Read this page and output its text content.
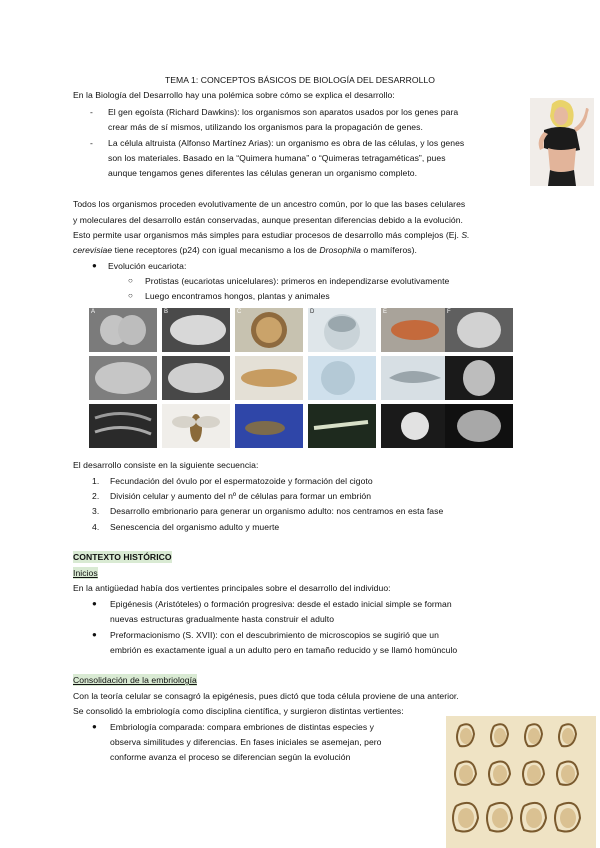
TEMA 1: CONCEPTOS BÁSICOS DE BIOLOGÍA DEL DESARROLLO
En la Biología del Desarrollo hay una polémica sobre cómo se explica el desarrollo:
- El gen egoísta (Richard Dawkins): los organismos son aparatos usados por los genes para
crear más de sí mismos, utilizando los organismos para la propagación de genes.
- La célula altruista (Alfonso Martínez Arias): un organismo es obra de las células, y los genes
son los materiales. Basado en la “Quimera humana” o “Quimeras tetragaméticas”, pues
aunque tengamos genes diferentes las células generan un organismo completo.
Todos los organismos proceden evolutivamente de un ancestro común, por lo que las bases celulares
y moleculares del desarrollo están conservadas, aunque presentan diferencias debido a la evolución.
Esto permite usar organismos más simples para estudiar procesos de desarrollo más complejos (Ej. S.
cerevisiae tiene receptores (p24) con igual mecanismo a los de Drosophila o mamíferos).
● Evolución eucariota:
○ Protistas (eucariotas unicelulares): primeros en independizarse evolutivamente
○ Luego encontramos hongos, plantas y animales
A	B	C	D	E	F
El desarrollo consiste en la siguiente secuencia:
1. Fecundación del óvulo por el espermatozoide y formación del cigoto
2. División celular y aumento del nº de células para formar un embrión
3. Desarrollo embrionario para generar un organismo adulto: nos centramos en esta fase
4. Senescencia del organismo adulto y muerte
CONTEXTO HISTÓRICO
Inicios
En la antigüedad había dos vertientes principales sobre el desarrollo del individuo:
● Epigénesis (Aristóteles) o formación progresiva: desde el estado inicial simple se forman
nuevas estructuras gradualmente hasta construir el adulto
● Preformacionismo (S. XVII): con el descubrimiento de microscopios se sugirió que un
embrión es exactamente igual a un adulto pero en tamaño reducido y se llamó homúnculo
Consolidación de la embriología
Con la teoría celular se consagró la epigénesis, pues dictó que toda célula proviene de una anterior.
Se consolidó la embriología como disciplina científica, y surgieron distintas vertientes:
● Embriología comparada: compara embriones de distintas especies y
observa similitudes y diferencias. En fases iniciales se asemejan, pero
conforme avanza el proceso se diferencian según la evolución
